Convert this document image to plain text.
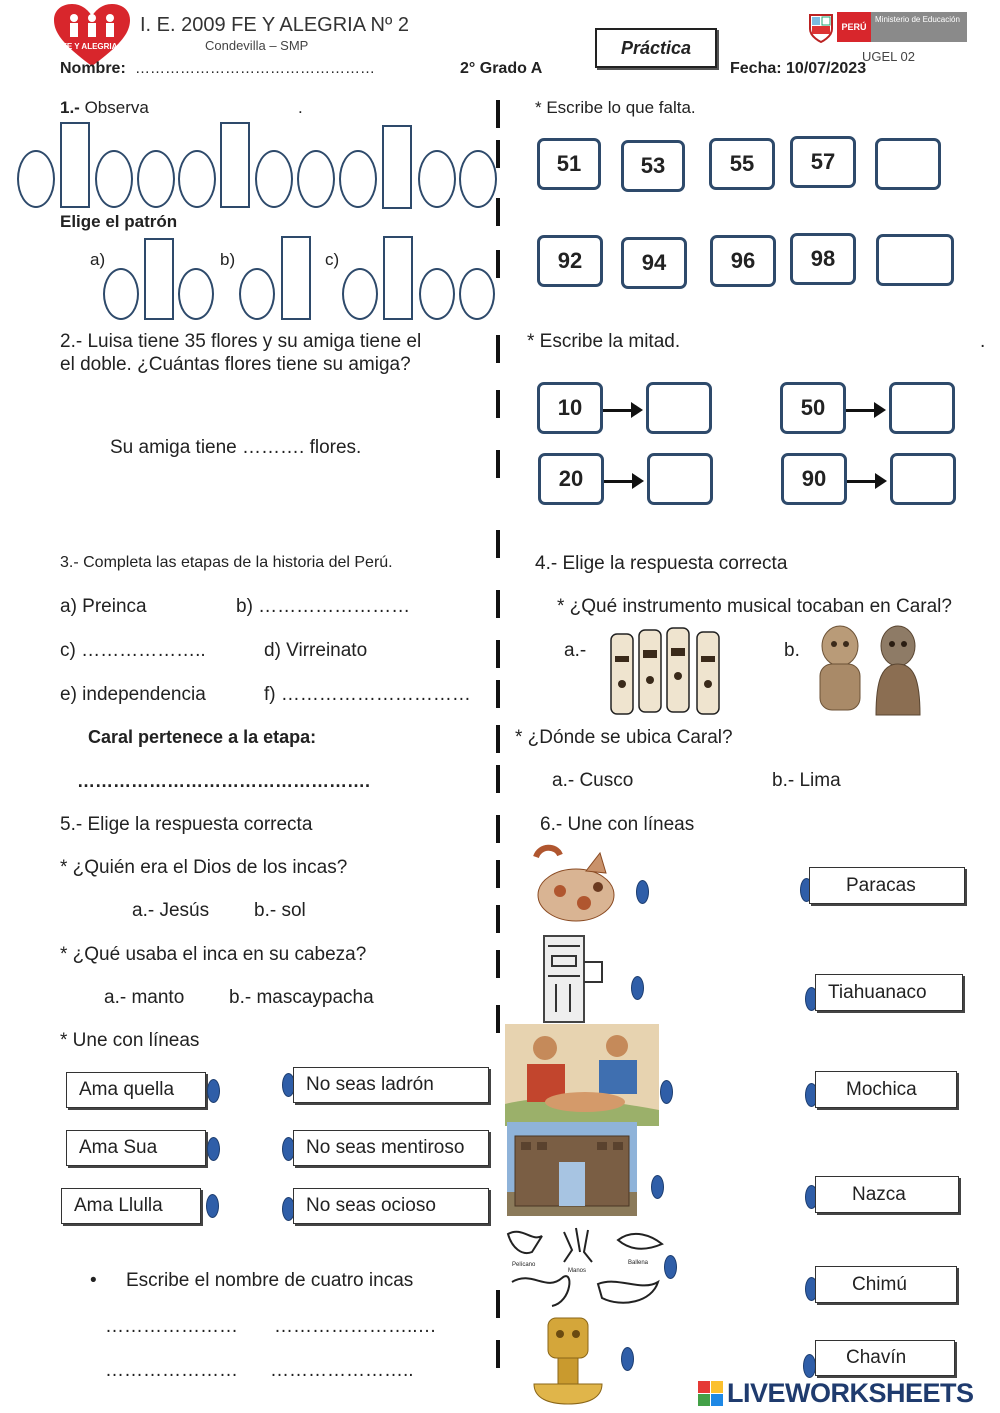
FE Y ALEGRIA
I. E. 2009 FE Y ALEGRIA Nº 2
Condevilla – SMP	Práctica
PERÚ
Ministerio de Educación
UGEL 02
Nombre: …………………………………………	2° Grado A	Fecha: 10/07/2023
1.- Observa	.
Elige el patrón
a)	b)	c)
* Escribe lo que falta.
51	53	55	57
92	94	96	98
2.- Luisa tiene 35 flores y su amiga tiene el
el doble. ¿Cuántas flores tiene su amiga?
Su amiga tiene ………. flores.
* Escribe la mitad.	.
10	50
20	90
3.- Completa las etapas de la historia del Perú.
a) Preinca	b) ……………………
c) ………………..	d) Virreinato
e) independencia	f) …………………………
Caral pertenece a la etapa:
………………………………………….
5.- Elige la respuesta correcta
* ¿Quién era el Dios de los incas?
a.- Jesús b.- sol
* ¿Qué usaba el inca en su cabeza?
a.- manto b.- mascaypacha
* Une con líneas
Ama quella
Ama Sua
Ama Llulla
No seas ladrón
No seas mentiroso
No seas ocioso
• Escribe el nombre de cuatro incas
………………… …………………..…
………………… …………………..
4.- Elige la respuesta correcta
* ¿Qué instrumento musical tocaban en Caral?
a.-	b.
* ¿Dónde se ubica Caral?
a.- Cusco	b.- Lima
6.- Une con líneas
Pelícano
Manos
Ballena
Paracas
Tiahuanaco
Mochica
Nazca
Chimú
Chavín
LIVEWORKSHEETS
